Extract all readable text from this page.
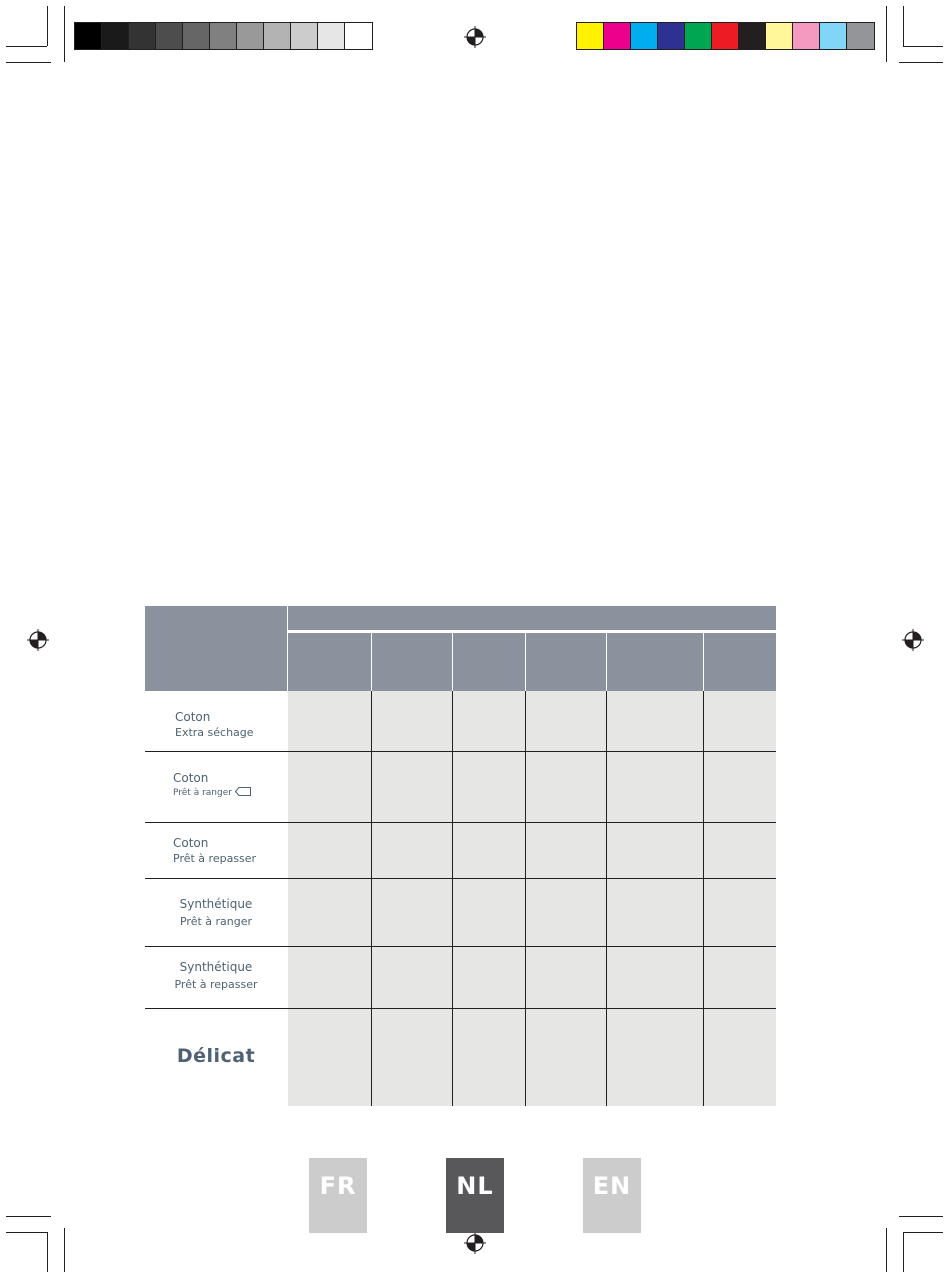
Coton
Extra séchage
Coton
Prêt à ranger
Coton
Prêt à repasser
Synthétique
Prêt à ranger
Synthétique
Prêt à repasser
Délicat
FR	NL	EN
